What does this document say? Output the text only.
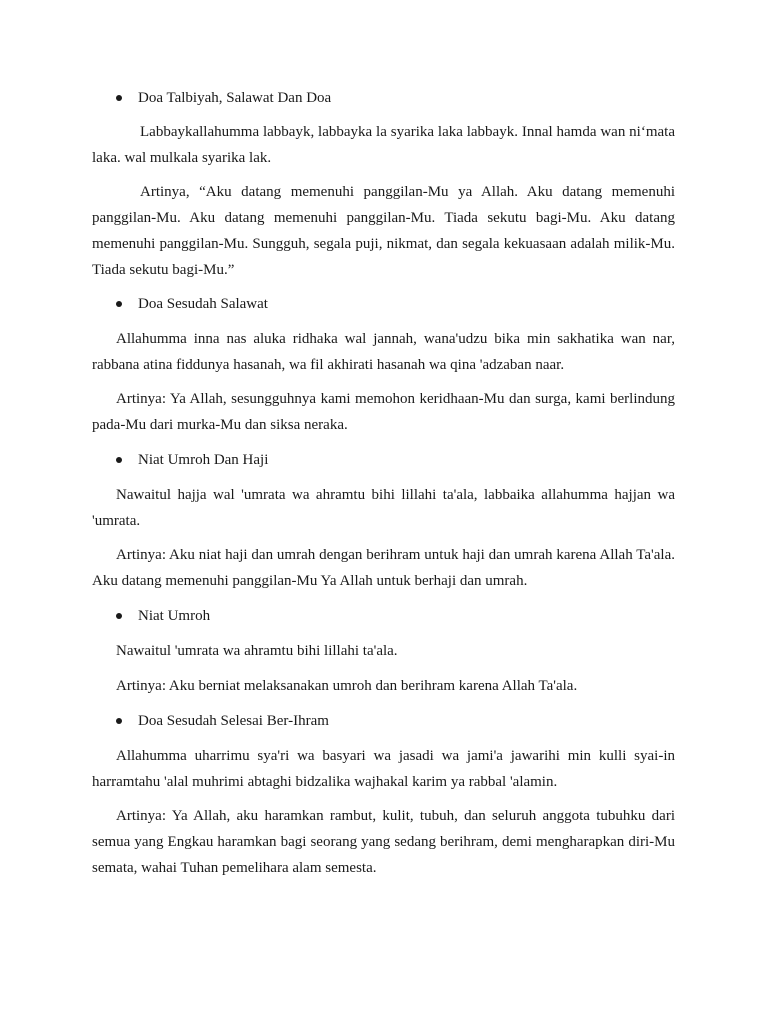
Doa Talbiyah, Salawat Dan Doa

Labbaykallahumma labbayk, labbayka la syarika laka labbayk. Innal hamda wan ni‘mata laka. wal mulkala syarika lak.

Artinya, “Aku datang memenuhi panggilan-Mu ya Allah. Aku datang memenuhi panggilan-Mu. Aku datang memenuhi panggilan-Mu. Tiada sekutu bagi-Mu. Aku datang memenuhi panggilan-Mu. Sungguh, segala puji, nikmat, dan segala kekuasaan adalah milik-Mu. Tiada sekutu bagi-Mu.”

Doa Sesudah Salawat

Allahumma inna nas aluka ridhaka wal jannah, wana'udzu bika min sakhatika wan nar, rabbana atina fiddunya hasanah, wa fil akhirati hasanah wa qina 'adzaban naar.

Artinya: Ya Allah, sesungguhnya kami memohon keridhaan-Mu dan surga, kami berlindung pada-Mu dari murka-Mu dan siksa neraka.

Niat Umroh Dan Haji

Nawaitul hajja wal 'umrata wa ahramtu bihi lillahi ta'ala, labbaika allahumma hajjan wa 'umrata.

Artinya: Aku niat haji dan umrah dengan berihram untuk haji dan umrah karena Allah Ta'ala. Aku datang memenuhi panggilan-Mu Ya Allah untuk berhaji dan umrah.

Niat Umroh

Nawaitul 'umrata wa ahramtu bihi lillahi ta'ala.

Artinya: Aku berniat melaksanakan umroh dan berihram karena Allah Ta'ala.

Doa Sesudah Selesai Ber-Ihram

Allahumma uharrimu sya'ri wa basyari wa jasadi wa jami'a jawarihi min kulli syai-in harramtahu 'alal muhrimi abtaghi bidzalika wajhakal karim ya rabbal 'alamin.

Artinya: Ya Allah, aku haramkan rambut, kulit, tubuh, dan seluruh anggota tubuhku dari semua yang Engkau haramkan bagi seorang yang sedang berihram, demi mengharapkan diri-Mu semata, wahai Tuhan pemelihara alam semesta.
